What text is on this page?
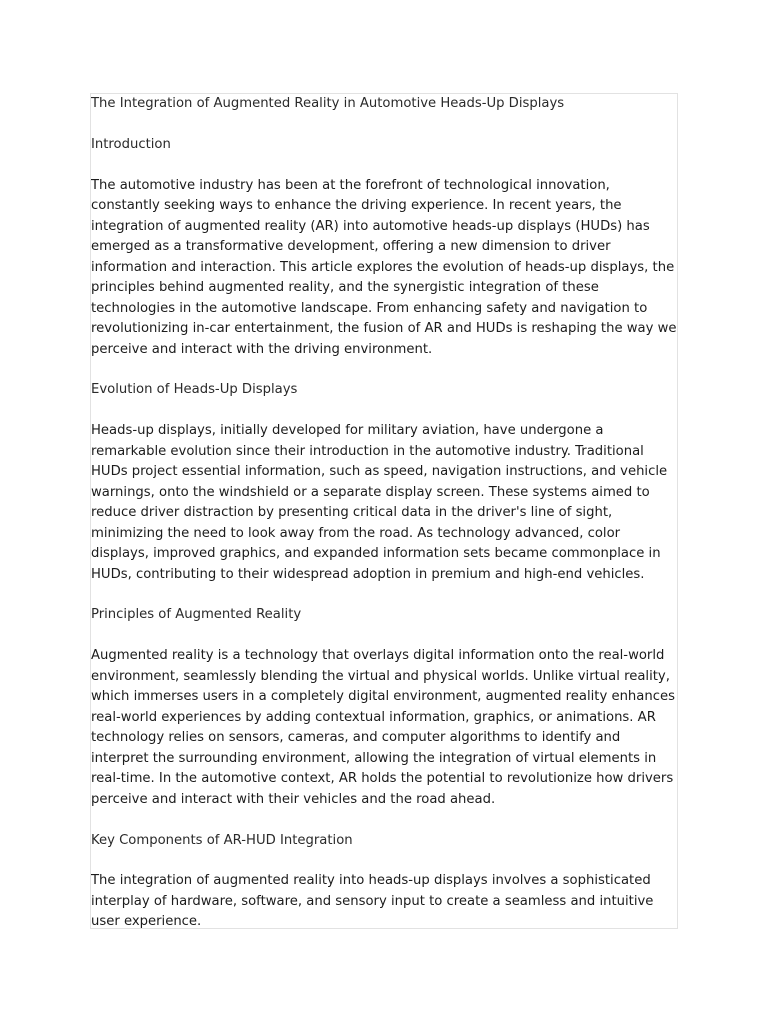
The Integration of Augmented Reality in Automotive Heads-Up Displays

Introduction

The automotive industry has been at the forefront of technological innovation, constantly seeking ways to enhance the driving experience. In recent years, the integration of augmented reality (AR) into automotive heads-up displays (HUDs) has emerged as a transformative development, offering a new dimension to driver information and interaction. This article explores the evolution of heads-up displays, the principles behind augmented reality, and the synergistic integration of these technologies in the automotive landscape. From enhancing safety and navigation to revolutionizing in-car entertainment, the fusion of AR and HUDs is reshaping the way we perceive and interact with the driving environment.

Evolution of Heads-Up Displays

Heads-up displays, initially developed for military aviation, have undergone a remarkable evolution since their introduction in the automotive industry. Traditional HUDs project essential information, such as speed, navigation instructions, and vehicle warnings, onto the windshield or a separate display screen. These systems aimed to reduce driver distraction by presenting critical data in the driver's line of sight, minimizing the need to look away from the road. As technology advanced, color displays, improved graphics, and expanded information sets became commonplace in HUDs, contributing to their widespread adoption in premium and high-end vehicles.

Principles of Augmented Reality

Augmented reality is a technology that overlays digital information onto the real-world environment, seamlessly blending the virtual and physical worlds. Unlike virtual reality, which immerses users in a completely digital environment, augmented reality enhances real-world experiences by adding contextual information, graphics, or animations. AR technology relies on sensors, cameras, and computer algorithms to identify and interpret the surrounding environment, allowing the integration of virtual elements in real-time. In the automotive context, AR holds the potential to revolutionize how drivers perceive and interact with their vehicles and the road ahead.

Key Components of AR-HUD Integration

The integration of augmented reality into heads-up displays involves a sophisticated interplay of hardware, software, and sensory input to create a seamless and intuitive user experience.
